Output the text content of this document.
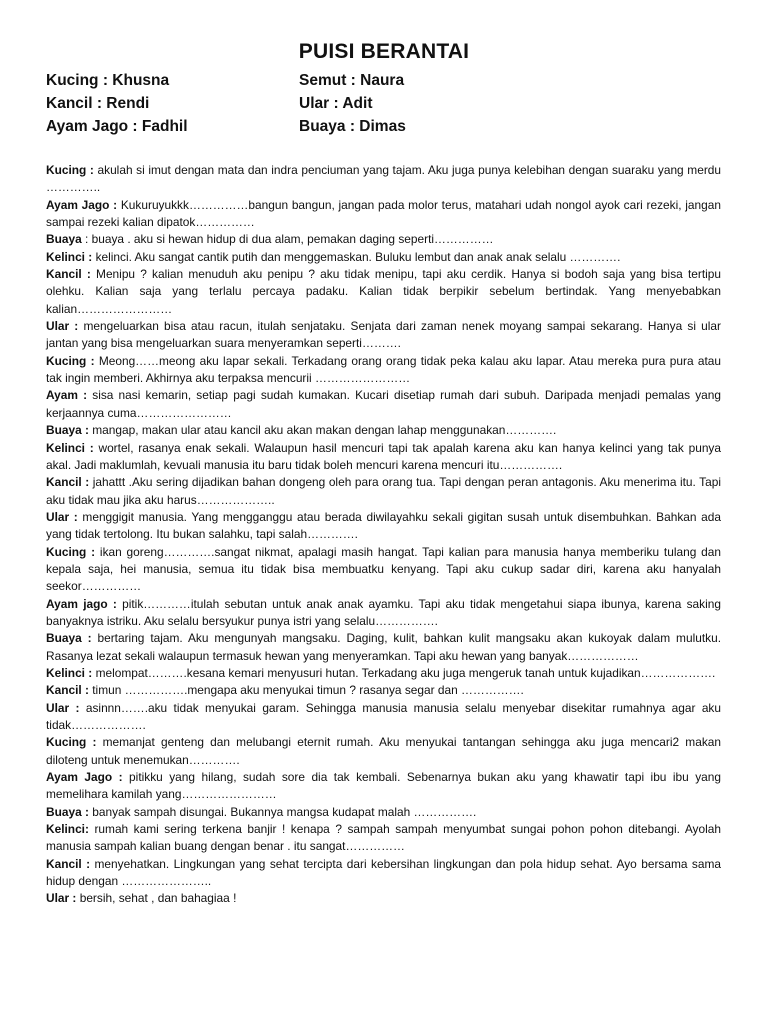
PUISI BERANTAI
Kucing : Khusna	Semut : Naura
Kancil : Rendi	Ular : Adit
Ayam Jago : Fadhil	Buaya : Dimas

Kucing : akulah si imut dengan mata dan indra penciuman yang tajam. Aku juga punya kelebihan dengan suaraku yang merdu …………..

Ayam Jago : Kukuruyukkk……………bangun bangun, jangan pada molor terus, matahari udah nongol ayok cari rezeki, jangan sampai rezeki kalian dipatok……………

Buaya : buaya . aku si hewan hidup di dua alam, pemakan daging seperti……………

Kelinci : kelinci. Aku sangat cantik putih dan menggemaskan. Buluku lembut dan anak anak selalu ………….

Kancil : Menipu ? kalian menuduh aku penipu ? aku tidak menipu, tapi aku cerdik. Hanya si bodoh saja yang bisa tertipu olehku. Kalian saja yang terlalu percaya padaku. Kalian tidak berpikir sebelum bertindak. Yang menyebabkan kalian……………………

Ular : mengeluarkan bisa atau racun, itulah senjataku. Senjata dari zaman nenek moyang sampai sekarang. Hanya si ular jantan yang bisa mengeluarkan suara menyeramkan seperti……….

Kucing : Meong……meong aku lapar sekali. Terkadang orang orang tidak peka kalau aku lapar. Atau mereka pura pura atau tak ingin memberi. Akhirnya aku terpaksa mencurii ……………………

Ayam : sisa nasi kemarin, setiap pagi sudah kumakan. Kucari disetiap rumah dari subuh. Daripada menjadi pemalas yang kerjaannya cuma……………………

Buaya : mangap, makan ular atau kancil aku akan makan dengan lahap menggunakan………….

Kelinci : wortel, rasanya enak sekali. Walaupun hasil mencuri tapi tak apalah karena aku kan hanya kelinci yang tak punya akal. Jadi maklumlah, kevuali manusia itu baru tidak boleh mencuri karena mencuri itu…………….

Kancil : jahattt .Aku sering dijadikan bahan dongeng oleh para orang tua. Tapi dengan peran antagonis. Aku menerima itu. Tapi aku tidak mau jika aku harus………………..

Ular : menggigit manusia. Yang mengganggu atau berada diwilayahku sekali gigitan susah untuk disembuhkan. Bahkan ada yang tidak tertolong. Itu bukan salahku, tapi salah………….

Kucing : ikan goreng………….sangat nikmat, apalagi masih hangat. Tapi kalian para manusia hanya memberiku tulang dan kepala saja, hei manusia, semua itu tidak bisa membuatku kenyang. Tapi aku cukup sadar diri, karena aku hanyalah seekor……………

Ayam jago : pitik…………itulah sebutan untuk anak anak ayamku. Tapi aku tidak mengetahui siapa ibunya, karena saking banyaknya istriku. Aku selalu bersyukur punya istri yang selalu…………….

Buaya : bertaring tajam. Aku mengunyah mangsaku. Daging, kulit, bahkan kulit mangsaku akan kukoyak dalam mulutku. Rasanya lezat sekali walaupun termasuk hewan yang menyeramkan. Tapi aku hewan yang banyak………………

Kelinci : melompat……….kesana kemari menyusuri hutan. Terkadang aku juga mengeruk tanah untuk kujadikan……………….

Kancil : timun …………….mengapa aku menyukai timun ? rasanya segar dan …………….

Ular : asinnn…….aku tidak menyukai garam. Sehingga manusia manusia selalu menyebar disekitar rumahnya agar aku tidak……………….

Kucing : memanjat genteng dan melubangi eternit rumah. Aku menyukai tantangan sehingga aku juga mencari2 makan diloteng untuk menemukan………….

Ayam Jago : pitikku yang hilang, sudah sore dia tak kembali. Sebenarnya bukan aku yang khawatir tapi ibu ibu yang memelihara kamilah yang……………………

Buaya : banyak sampah disungai. Bukannya mangsa kudapat malah …………….

Kelinci: rumah kami sering terkena banjir ! kenapa ? sampah sampah menyumbat sungai pohon pohon ditebangi. Ayolah manusia sampah kalian buang dengan benar . itu sangat……………

Kancil : menyehatkan. Lingkungan yang sehat tercipta dari kebersihan lingkungan dan pola hidup sehat. Ayo bersama sama hidup dengan …………………..

Ular : bersih, sehat , dan bahagiaa !
